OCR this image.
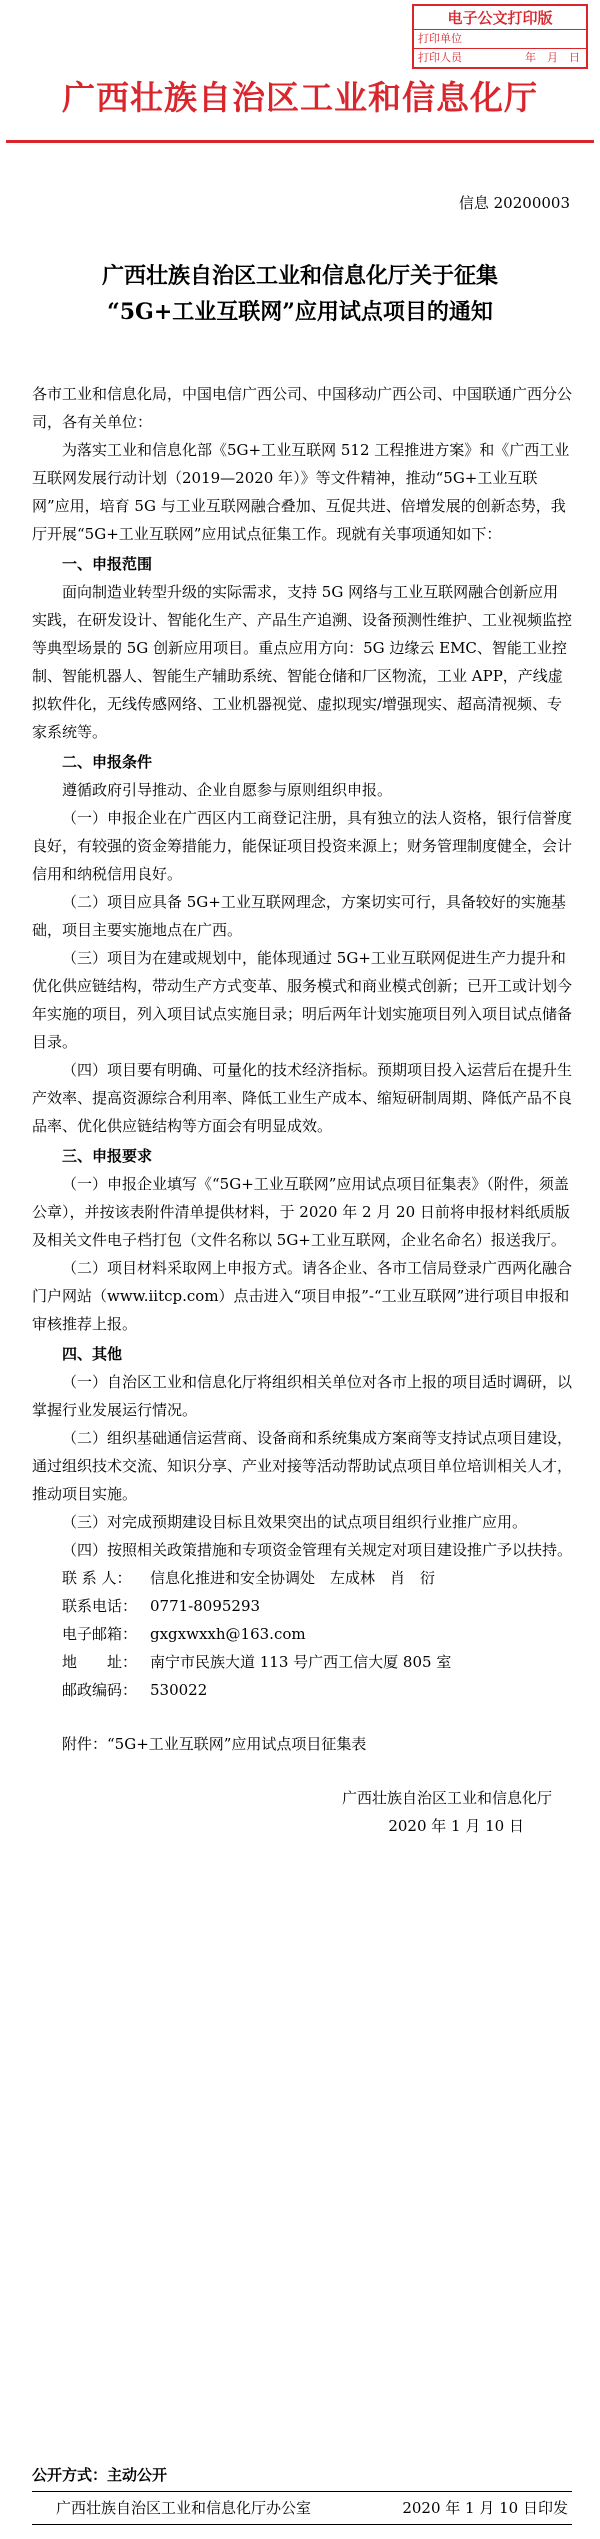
电子公文打印版
打印单位
打印人员	年　月　日
广西壮族自治区工业和信息化厅
信息 20200003
广西壮族自治区工业和信息化厅关于征集
“5G+工业互联网”应用试点项目的通知

各市工业和信息化局，中国电信广西公司、中国移动广西公司、中国联通广西分公司，各有关单位：

为落实工业和信息化部《5G+工业互联网 512 工程推进方案》和《广西工业互联网发展行动计划（2019—2020 年）》等文件精神，推动“5G+工业互联网”应用，培育 5G 与工业互联网融合叠加、互促共进、倍增发展的创新态势，我厅开展“5G+工业互联网”应用试点征集工作。现就有关事项通知如下：

一、申报范围

面向制造业转型升级的实际需求，支持 5G 网络与工业互联网融合创新应用实践，在研发设计、智能化生产、产品生产追溯、设备预测性维护、工业视频监控等典型场景的 5G 创新应用项目。重点应用方向：5G 边缘云 EMC、智能工业控制、智能机器人、智能生产辅助系统、智能仓储和厂区物流，工业 APP，产线虚拟软件化，无线传感网络、工业机器视觉、虚拟现实/增强现实、超高清视频、专家系统等。

二、申报条件

遵循政府引导推动、企业自愿参与原则组织申报。

（一）申报企业在广西区内工商登记注册，具有独立的法人资格，银行信誉度良好，有较强的资金筹措能力，能保证项目投资来源上；财务管理制度健全，会计信用和纳税信用良好。

（二）项目应具备 5G+工业互联网理念，方案切实可行，具备较好的实施基础，项目主要实施地点在广西。

（三）项目为在建或规划中，能体现通过 5G+工业互联网促进生产力提升和优化供应链结构，带动生产方式变革、服务模式和商业模式创新；已开工或计划今年实施的项目，列入项目试点实施目录；明后两年计划实施项目列入项目试点储备目录。

（四）项目要有明确、可量化的技术经济指标。预期项目投入运营后在提升生产效率、提高资源综合利用率、降低工业生产成本、缩短研制周期、降低产品不良品率、优化供应链结构等方面会有明显成效。

三、申报要求

（一）申报企业填写《“5G+工业互联网”应用试点项目征集表》（附件，须盖公章），并按该表附件清单提供材料，于 2020 年 2 月 20 日前将申报材料纸质版及相关文件电子档打包（文件名称以 5G+工业互联网，企业名命名）报送我厅。

（二）项目材料采取网上申报方式。请各企业、各市工信局登录广西两化融合门户网站（www.iitcp.com）点击进入“项目申报”-“工业互联网”进行项目申报和审核推荐上报。

四、其他

（一）自治区工业和信息化厅将组织相关单位对各市上报的项目适时调研，以掌握行业发展运行情况。

（二）组织基础通信运营商、设备商和系统集成方案商等支持试点项目建设，通过组织技术交流、知识分享、产业对接等活动帮助试点项目单位培训相关人才，推动项目实施。

（三）对完成预期建设目标且效果突出的试点项目组织行业推广应用。

（四）按照相关政策措施和专项资金管理有关规定对项目建设推广予以扶持。

联 系 人： 信息化推进和安全协调处　左成林　肖　衍

联系电话： 0771-8095293

电子邮箱： gxgxwxxh@163.com

地　　址： 南宁市民族大道 113 号广西工信大厦 805 室

邮政编码： 530022

附件：“5G+工业互联网”应用试点项目征集表

广西壮族自治区工业和信息化厅

2020 年 1 月 10 日

公开方式：主动公开
广西壮族自治区工业和信息化厅办公室	2020 年 1 月 10 日印发
